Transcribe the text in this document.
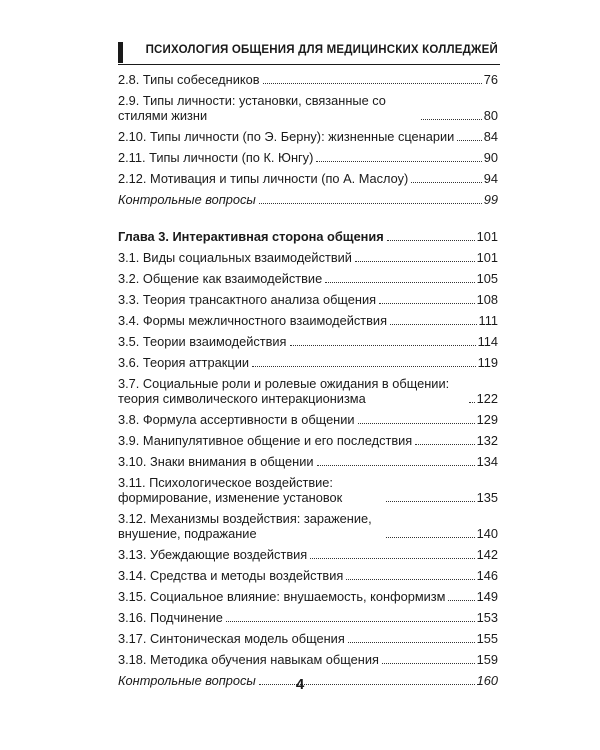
ПСИХОЛОГИЯ ОБЩЕНИЯ ДЛЯ МЕДИЦИНСКИХ КОЛЛЕДЖЕЙ
2.8. Типы собеседников	76
2.9. Типы личности: установки, связанные со стилями жизни	80
2.10. Типы личности (по Э. Берну): жизненные сценарии 84
2.11. Типы личности (по К. Юнгу)	90
2.12. Мотивация и типы личности (по А. Маслоу)	94
Контрольные вопросы	99
Глава 3. Интерактивная сторона общения	101
3.1. Виды социальных взаимодействий	101
3.2. Общение как взаимодействие	105
3.3. Теория трансактного анализа общения	108
3.4. Формы межличностного взаимодействия	111
3.5. Теории взаимодействия	114
3.6. Теория аттракции	119
3.7. Социальные роли и ролевые ожидания в общении: теория символического интеракционизма	122
3.8. Формула ассертивности в общении	129
3.9. Манипулятивное общение и его последствия	132
3.10. Знаки внимания в общении	134
3.11. Психологическое воздействие: формирование, изменение установок	135
3.12. Механизмы воздействия: заражение, внушение, подражание	140
3.13. Убеждающие воздействия	142
3.14. Средства и методы воздействия	146
3.15. Социальное влияние: внушаемость, конформизм 149
3.16. Подчинение	153
3.17. Синтоническая модель общения	155
3.18. Методика обучения навыкам общения	159
Контрольные вопросы	160
4
